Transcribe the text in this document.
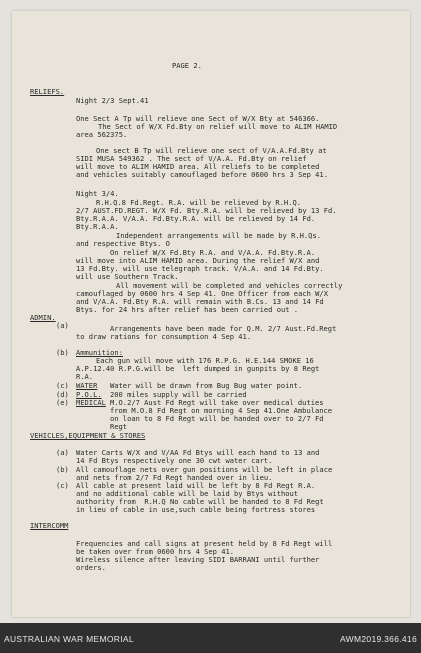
PAGE 2.
RELIEFS.
Night 2/3 Sept.41
One Sect A Tp will relieve one Sect of W/X Bty at 546366.
The Sect of W/X Fd.Bty on relief will move to ALIM HAMID
area 562375.
One sect B Tp will relieve one sect of V/A.A.Fd.Bty at
SIDI MUSA 549362 . The sect of V/A.A. Fd.Bty on relief
will move to ALIM HAMID area. All reliefs to be completed
and vehicles suitably camouflaged before 0600 hrs 3 Sep 41.
Night 3/4.
R.H.Q.8 Fd.Regt. R.A. will be relieved by R.H.Q.
2/7 AUST.FD.REGT. W/X Fd. Bty.R.A. will be relieved by 13 Fd.
Bty.R.A.A. V/A.A. Fd.Bty.R.A. will be relieved by 14 Fd.
Bty.R.A.A.
Independent arrangements will be made by R.H.Qs.
and respective Btys. O
On relief W/X Fd.Bty R.A. and V/A.A. Fd.Bty.R.A.
will move into ALIM HAMID area. During the relief W/X and
13 Fd.Bty. will use telegraph track. V/A.A. and 14 Fd.Bty.
will use Southern Track.
All movement will be completed and vehicles correctly
camouflaged by 0600 hrs 4 Sep 41. One Officer from each W/X
and V/A.A. Fd.Bty R.A. will remain with B.Cs. 13 and 14 Fd
Btys. for 24 hrs after relief has been carried out .
ADMIN.
(a)	Arrangements have been made for Q.M. 2/7 Aust.Fd.Regt
to draw rations for consumption 4 Sep 41.
(b) Ammunition:
Each gun will move with 176 R.P.G. H.E.144 SMOKE 16
A.P.12.40 R.P.G.will be  left dumped in gunpits by 8 Regt
R.A.
(c) WATER Water will be drawn from Bug Bug water point.
(d) P.O.L. 200 miles supply will be carried
(e) MEDICAL M.O.2/7 Aust Fd Regt will take over medical duties
from M.O.8 Fd Regt on morning 4 Sep 41.One Ambulance
on loan to 8 Fd Regt will be handed over to 2/7 Fd
Regt
VEHICLES,EQUIPMENT & STORES
(a) Water Carts W/X and V/AA Fd Btys will each hand to 13 and
14 Fd Btys respectively one 30 cwt water cart.
(b) All camouflage nets over gun positions will be left in place
and nets from 2/7 Fd Regt handed over in lieu.
(c) All cable at present laid will be left by 8 Fd Regt R.A.
and no additional cable will be laid by Btys without
authority from  R.H.Q No cable will be handed to 8 Fd Regt
in lieu of cable in use,such cable being fortress stores
INTERCOMM
Frequencies and call signs at present held by 8 Fd Regt will
be taken over from 0600 hrs 4 Sep 41.
Wireless silence after leaving SIDI BARRANI until further
orders.
AUSTRALIAN WAR MEMORIAL	AWM2019.366.416
